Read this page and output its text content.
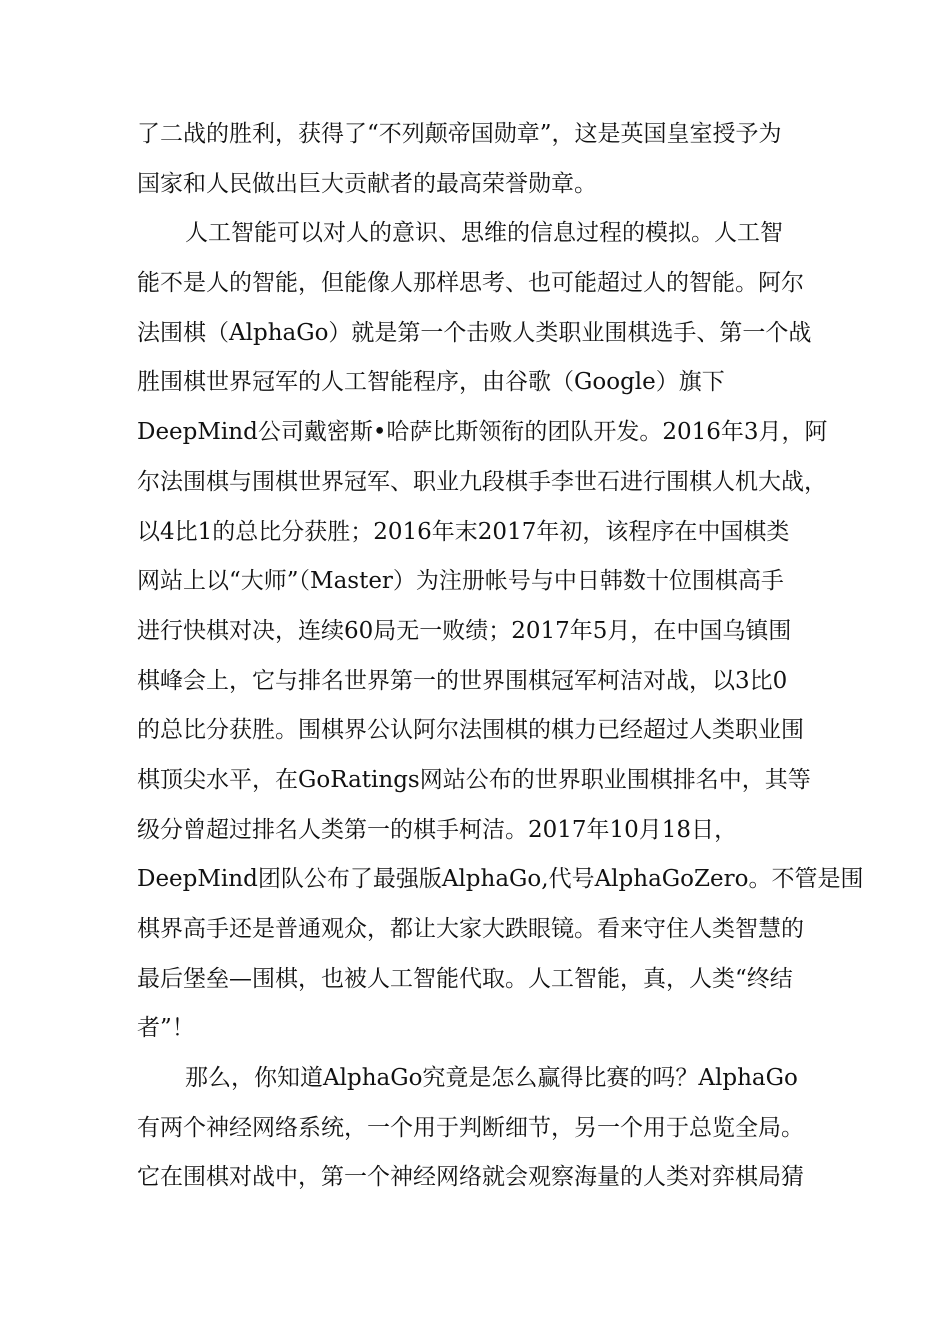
了二战的胜利，获得了“不列颠帝国勋章”，这是英国皇室授予为
国家和人民做出巨大贡献者的最高荣誉勋章。
人工智能可以对人的意识、思维的信息过程的模拟。人工智
能不是人的智能，但能像人那样思考、也可能超过人的智能。阿尔
法围棋（AlphaGo）就是第一个击败人类职业围棋选手、第一个战
胜围棋世界冠军的人工智能程序，由谷歌（Google）旗下
DeepMind公司戴密斯•哈萨比斯领衔的团队开发。2016年3月，阿
尔法围棋与围棋世界冠军、职业九段棋手李世石进行围棋人机大战，
以4比1的总比分获胜；2016年末2017年初，该程序在中国棋类
网站上以“大师”（Master）为注册帐号与中日韩数十位围棋高手
进行快棋对决，连续60局无一败绩；2017年5月，在中国乌镇围
棋峰会上，它与排名世界第一的世界围棋冠军柯洁对战，以3比0
的总比分获胜。围棋界公认阿尔法围棋的棋力已经超过人类职业围
棋顶尖水平，在GoRatings网站公布的世界职业围棋排名中，其等
级分曾超过排名人类第一的棋手柯洁。2017年10月18日，
DeepMind团队公布了最强版AlphaGo,代号AlphaGoZero。不管是围
棋界高手还是普通观众，都让大家大跌眼镜。看来守住人类智慧的
最后堡垒—围棋，也被人工智能代取。人工智能，真，人类“终结
者”！
那么，你知道AlphaGo究竟是怎么赢得比赛的吗？AlphaGo
有两个神经网络系统，一个用于判断细节，另一个用于总览全局。
它在围棋对战中，第一个神经网络就会观察海量的人类对弈棋局猜
